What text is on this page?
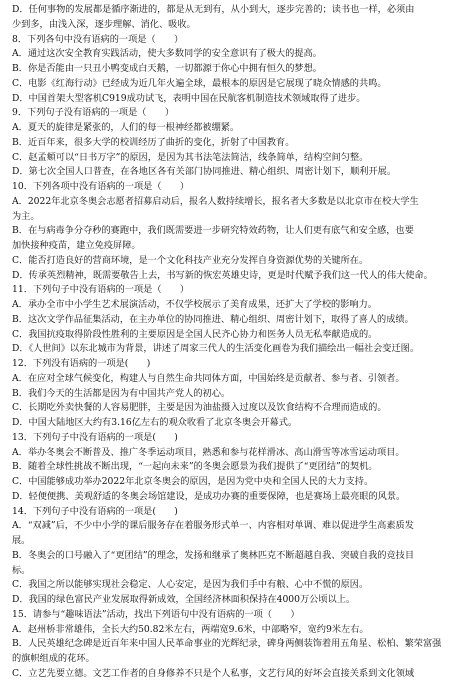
D．任何事物的发展都是循序渐进的，都是从无到有，从小到大，逐步完善的；读书也一样，必须由
少到多，由浅入深，逐步理解、消化、吸收。
8．下列各句中没有语病的一项是（　　）
A．通过这次安全教育实践活动，使大多数同学的安全意识有了极大的提高。
B．你是否能由一只丑小鸭变成白天鹅，一切都源于你心中拥有恒久的梦想。
C．电影《红海行动》已经成为近几年火遍全球，最根本的原因是它展现了晓众情感的共鸣。
D．中国首架大型客机C919成功试飞，表明中国在民航客机制造技术领域取得了进步。
9．下列句子没有语病的一项是（　　）
A．夏天的旋律是紧张的，人们的每一根神经都被绷紧。
B．近百年来，很多大学的校训经历了曲折的变化，折射了中国教育。
C．赵孟頫可以“日书万字”的原因，是因为其书法笔法简洁，线条简单，结构空间匀整。
D．第七次全国人口普查，在各地区各有关部门协同推进、精心组织、周密计划下，顺利开展。
10．下列各项中没有语病的一项是（　　）
A．2022年北京冬奥会志愿者招募启动后，报名人数持续增长，报名者大多数是以北京市在校大学生
为主。
B．在与病毒争分夺秒的赛跑中，我们既需要进一步研究特效药物，让人们更有底气和安全感，也要
加快接种疫苗，建立免疫屏障。
C．能否打造良好的营商环境，是一个文化科技产业充分发挥自身资源优势的关键所在。
D．传承英烈精神，既需要敬告上去，书写新的恢宏英雄史诗，更是时代赋予我们这一代人的伟大使命。
11．下列句子中没有语病的一项是（　　）
A．承办全市中小学生艺术展演活动，不仅学校展示了美育成果，还扩大了学校的影响力。
B．这次文学作品征集活动，在主办单位的协同推进、精心组织、周密计划下，取得了喜人的成绩。
C．我国抗疫取得阶段性胜利的主要原因是全国人民齐心协力和医务人员无私奉献造成的。
D．《人世间》以东北城市为背景，讲述了周家三代人的生活变化画卷为我们描绘出一幅社会变迁图。
12．下列没有语病的一项是(　　)
A．在应对全球气候变化，构建人与自然生命共同体方面，中国始终是贡献者、参与者、引领者。
B．我们今天的生活都是因为有中国共产党人的初心。
C．长期吃外卖快餐的人容易肥胖，主要是因为油盐摄入过度以及饮食结构不合理而造成的。
D．中国大陆地区大约有3.16亿左右的观众收看了北京冬奥会开幕式。
13．下列句子中没有语病的一项是(　　)
A．举办冬奥会不断普及、推广冬季运动项目，熟悉和参与花样滑冰、高山滑雪等冰雪运动项目。
B．随着全球性挑战不断出现，“一起向未来”的冬奥会愿景为我们提供了“更团结”的契机。
C．中国能够成功举办2022年北京冬奥会的原因，是因为党中央和全国人民的大力支持。
D．轻便便携、美观舒适的冬奥会场馆建设，是成功办赛的重要保障，也是赛场上最亮眼的风景。
14．下列句子中没有语病的一项是(　　)
A．“双减”后，不少中小学的课后服务存在着服务形式单一、内容相对单调、难以促进学生高素质发
展。
B．冬奥会的口号融入了“更团结”的理念，发扬和继承了奥林匹克不断超越自我、突破自我的竞技目
标。
C．我国之所以能够实现社会稳定、人心安定，是因为我们手中有粮、心中不慌的原因。
D．我国的绿色富民产业发展取得新成效，全国经济林面积保持在4000万公顷以上。
15．请参与“趣味语法”活动，找出下列语句中没有语病的一项（　　）
A．赵州桥非常雄伟，全长大约50.82米左右，两端宽9.6米，中部略窄，宽约9米左右。
B．人民英雄纪念碑是近百年来中国人民革命事业的光辉纪录，碑身两侧装饰着用五角星、松柏、繁荣富强
的旗帜组成的花环。
C．立艺先要立德。文艺工作者的自身修养不只是个人私事，文艺行风的好坏会直接关系到文化领域
